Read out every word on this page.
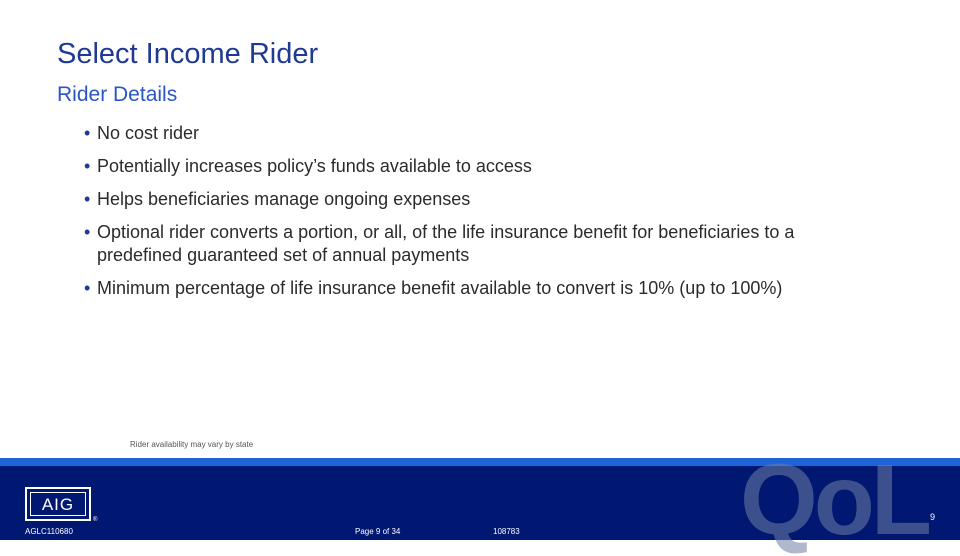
Select Income Rider
Rider Details
• No cost rider
• Potentially increases policy’s funds available to access
• Helps beneficiaries manage ongoing expenses
• Optional rider converts a portion, or all, of the life insurance benefit for beneficiaries to a predefined guaranteed set of annual payments
• Minimum percentage of life insurance benefit available to convert is 10% (up to 100%)
Rider availability may vary by state	QoL
AIG
®
AGLC110680	Page 9 of 34	108783
9
